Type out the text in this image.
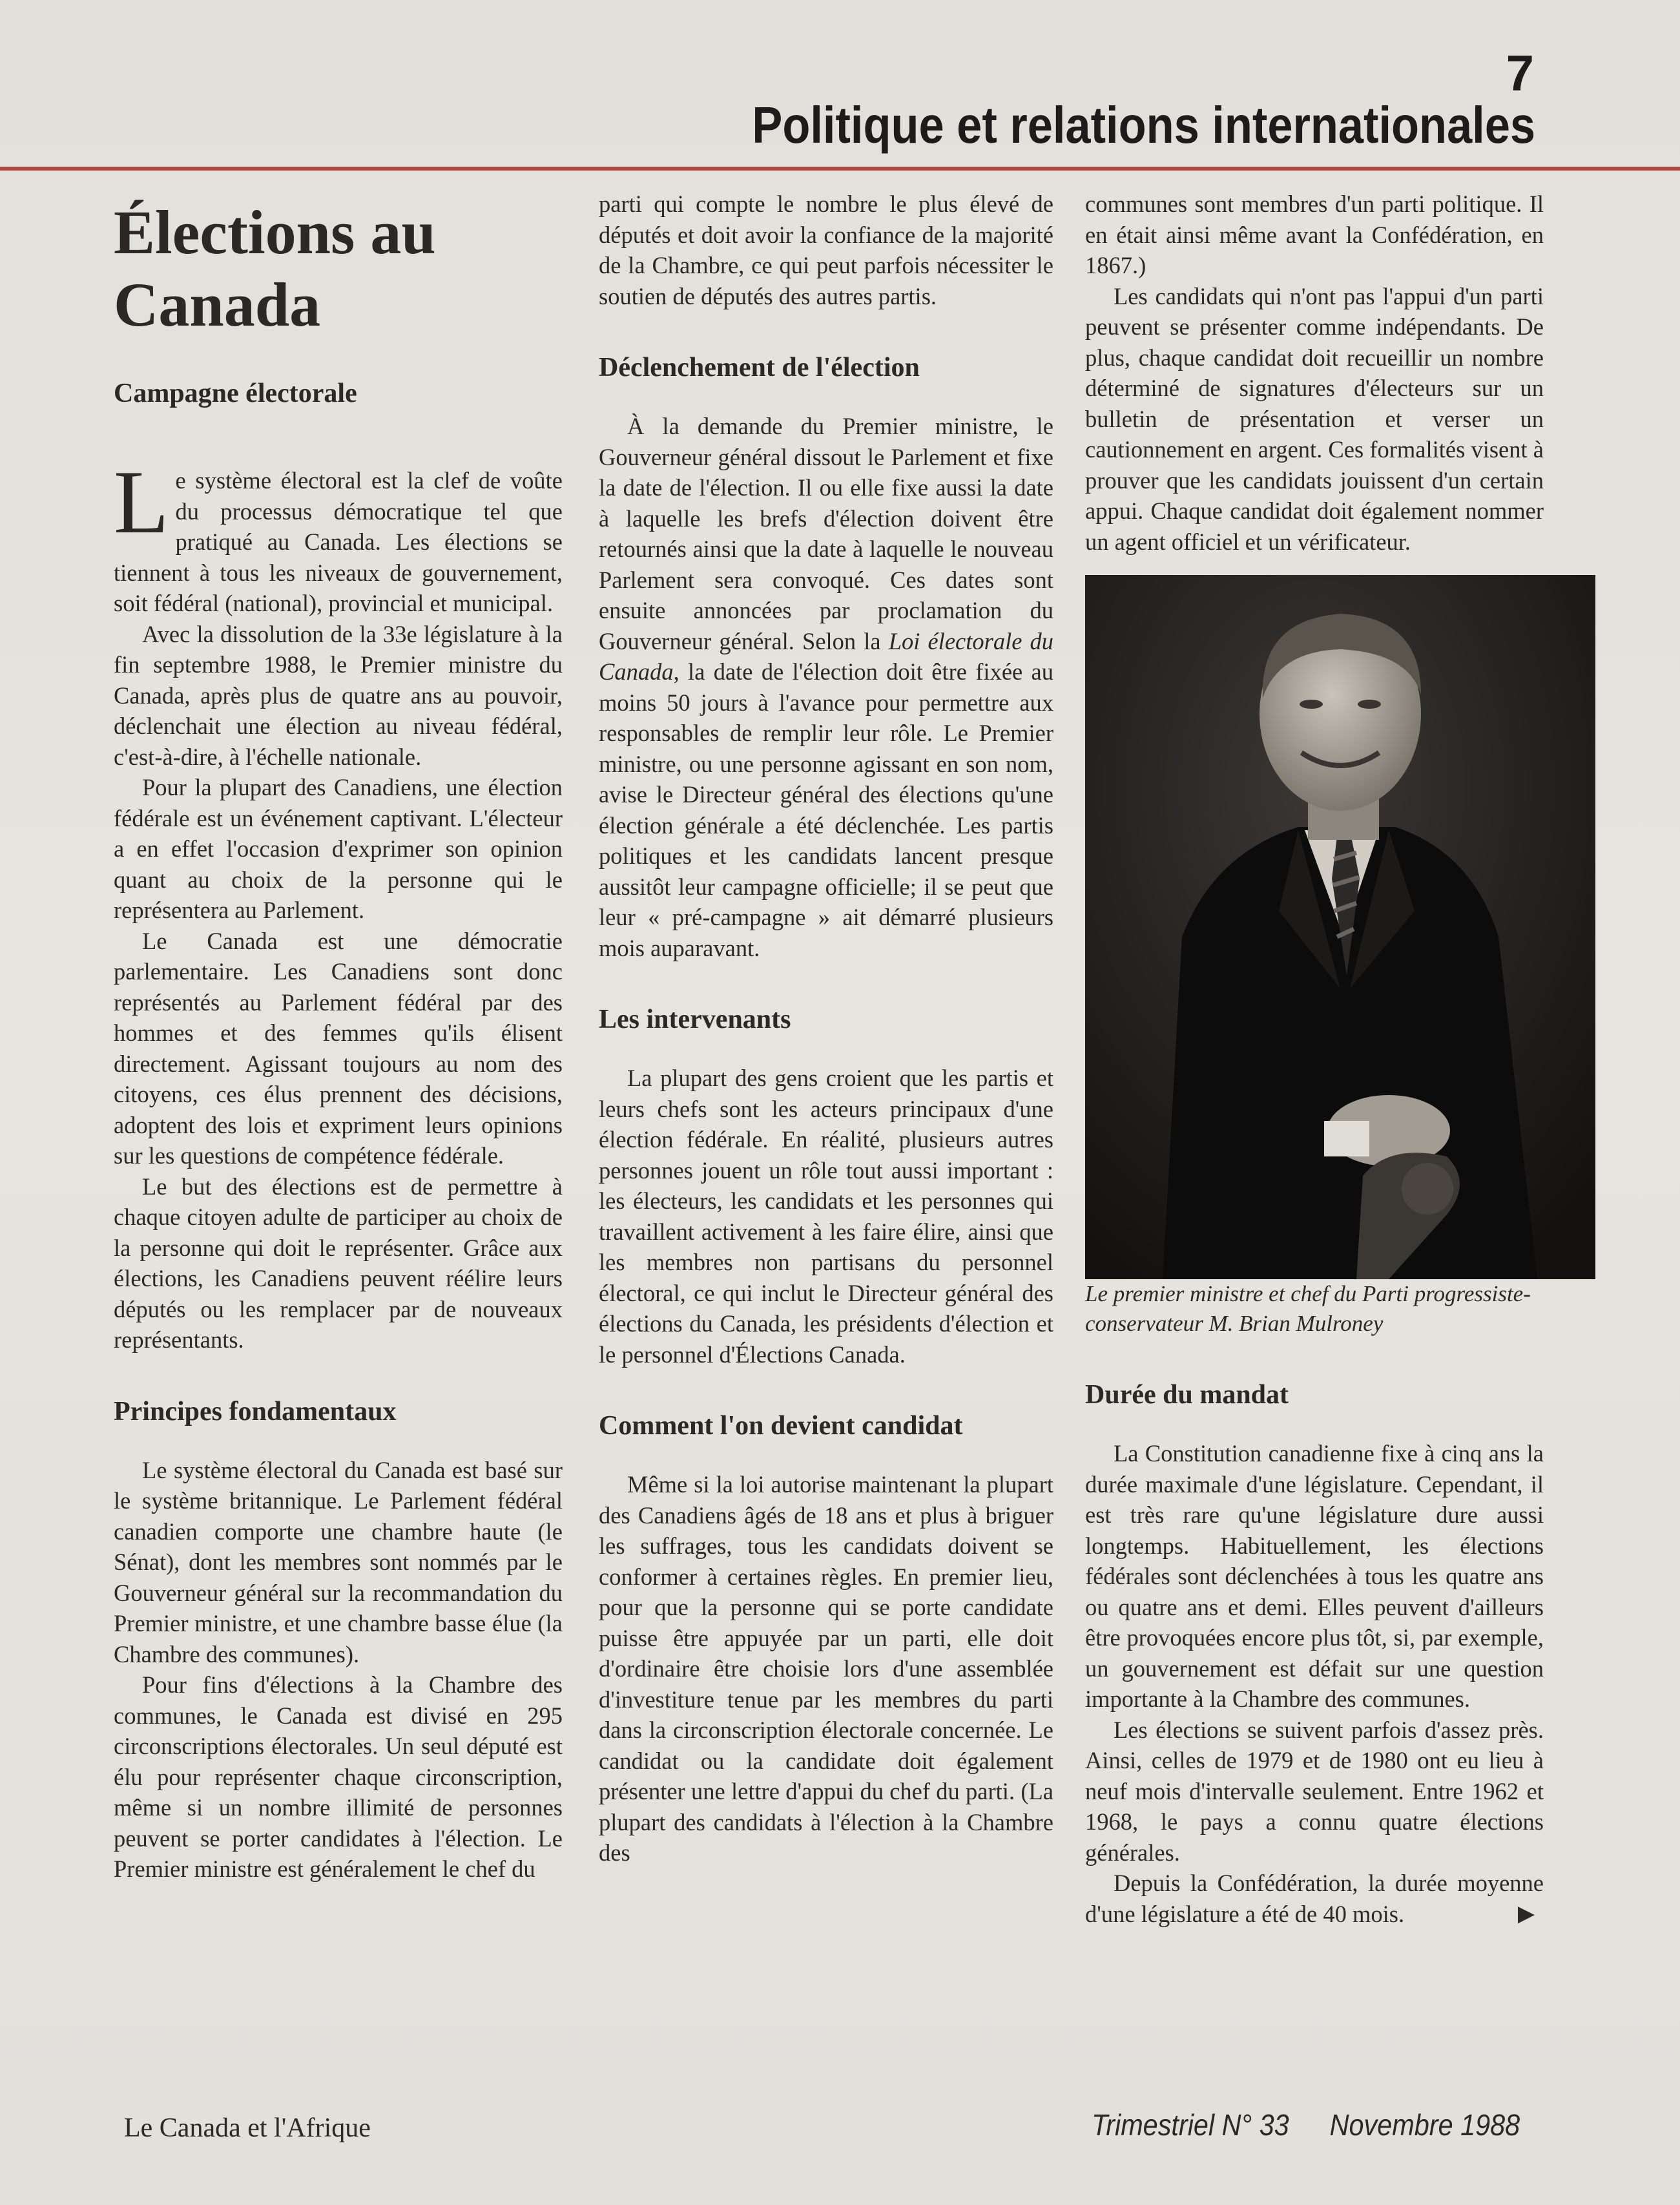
7
Politique et relations internationales
Élections au Canada
Campagne électorale

Le système électoral est la clef de voûte du processus démocratique tel que pratiqué au Canada. Les élections se tiennent à tous les niveaux de gouvernement, soit fédéral (national), provincial et municipal.

Avec la dissolution de la 33e législature à la fin septembre 1988, le Premier ministre du Canada, après plus de quatre ans au pouvoir, déclenchait une élection au niveau fédéral, c'est-à-dire, à l'échelle nationale.

Pour la plupart des Canadiens, une élection fédérale est un événement captivant. L'électeur a en effet l'occasion d'exprimer son opinion quant au choix de la personne qui le représentera au Parlement.

Le Canada est une démocratie parlementaire. Les Canadiens sont donc représentés au Parlement fédéral par des hommes et des femmes qu'ils élisent directement. Agissant toujours au nom des citoyens, ces élus prennent des décisions, adoptent des lois et expriment leurs opinions sur les questions de compétence fédérale.

Le but des élections est de permettre à chaque citoyen adulte de participer au choix de la personne qui doit le représenter. Grâce aux élections, les Canadiens peuvent réélire leurs députés ou les remplacer par de nouveaux représentants.

Principes fondamentaux

Le système électoral du Canada est basé sur le système britannique. Le Parlement fédéral canadien comporte une chambre haute (le Sénat), dont les membres sont nommés par le Gouverneur général sur la recommandation du Premier ministre, et une chambre basse élue (la Chambre des communes).

Pour fins d'élections à la Chambre des communes, le Canada est divisé en 295 circonscriptions électorales. Un seul député est élu pour représenter chaque circonscription, même si un nombre illimité de personnes peuvent se porter candidates à l'élection. Le Premier ministre est généralement le chef du

parti qui compte le nombre le plus élevé de députés et doit avoir la confiance de la majorité de la Chambre, ce qui peut parfois nécessiter le soutien de députés des autres partis.

Déclenchement de l'élection

À la demande du Premier ministre, le Gouverneur général dissout le Parlement et fixe la date de l'élection. Il ou elle fixe aussi la date à laquelle les brefs d'élection doivent être retournés ainsi que la date à laquelle le nouveau Parlement sera convoqué. Ces dates sont ensuite annoncées par proclamation du Gouverneur général. Selon la Loi électorale du Canada, la date de l'élection doit être fixée au moins 50 jours à l'avance pour permettre aux responsables de remplir leur rôle. Le Premier ministre, ou une personne agissant en son nom, avise le Directeur général des élections qu'une élection générale a été déclenchée. Les partis politiques et les candidats lancent presque aussitôt leur campagne officielle; il se peut que leur « pré-campagne » ait démarré plusieurs mois auparavant.

Les intervenants

La plupart des gens croient que les partis et leurs chefs sont les acteurs principaux d'une élection fédérale. En réalité, plusieurs autres personnes jouent un rôle tout aussi important : les électeurs, les candidats et les personnes qui travaillent activement à les faire élire, ainsi que les membres non partisans du personnel électoral, ce qui inclut le Directeur général des élections du Canada, les présidents d'élection et le personnel d'Élections Canada.

Comment l'on devient candidat

Même si la loi autorise maintenant la plupart des Canadiens âgés de 18 ans et plus à briguer les suffrages, tous les candidats doivent se conformer à certaines règles. En premier lieu, pour que la personne qui se porte candidate puisse être appuyée par un parti, elle doit d'ordinaire être choisie lors d'une assemblée d'investiture tenue par les membres du parti dans la circonscription électorale concernée. Le candidat ou la candidate doit également présenter une lettre d'appui du chef du parti. (La plupart des candidats à l'élection à la Chambre des

communes sont membres d'un parti politique. Il en était ainsi même avant la Confédération, en 1867.)

Les candidats qui n'ont pas l'appui d'un parti peuvent se présenter comme indépendants. De plus, chaque candidat doit recueillir un nombre déterminé de signatures d'électeurs sur un bulletin de présentation et verser un cautionnement en argent. Ces formalités visent à prouver que les candidats jouissent d'un certain appui. Chaque candidat doit également nommer un agent officiel et un vérificateur.

Le premier ministre et chef du Parti progressiste-conservateur M. Brian Mulroney

Durée du mandat

La Constitution canadienne fixe à cinq ans la durée maximale d'une législature. Cependant, il est très rare qu'une législature dure aussi longtemps. Habituellement, les élections fédérales sont déclenchées à tous les quatre ans ou quatre ans et demi. Elles peuvent d'ailleurs être provoquées encore plus tôt, si, par exemple, un gouvernement est défait sur une question importante à la Chambre des communes.

Les élections se suivent parfois d'assez près. Ainsi, celles de 1979 et de 1980 ont eu lieu à neuf mois d'intervalle seulement. Entre 1962 et 1968, le pays a connu quatre élections générales.

Depuis la Confédération, la durée moyenne d'une législature a été de 40 mois.	▶

Le Canada et l'Afrique	Trimestriel N° 33 Novembre 1988
